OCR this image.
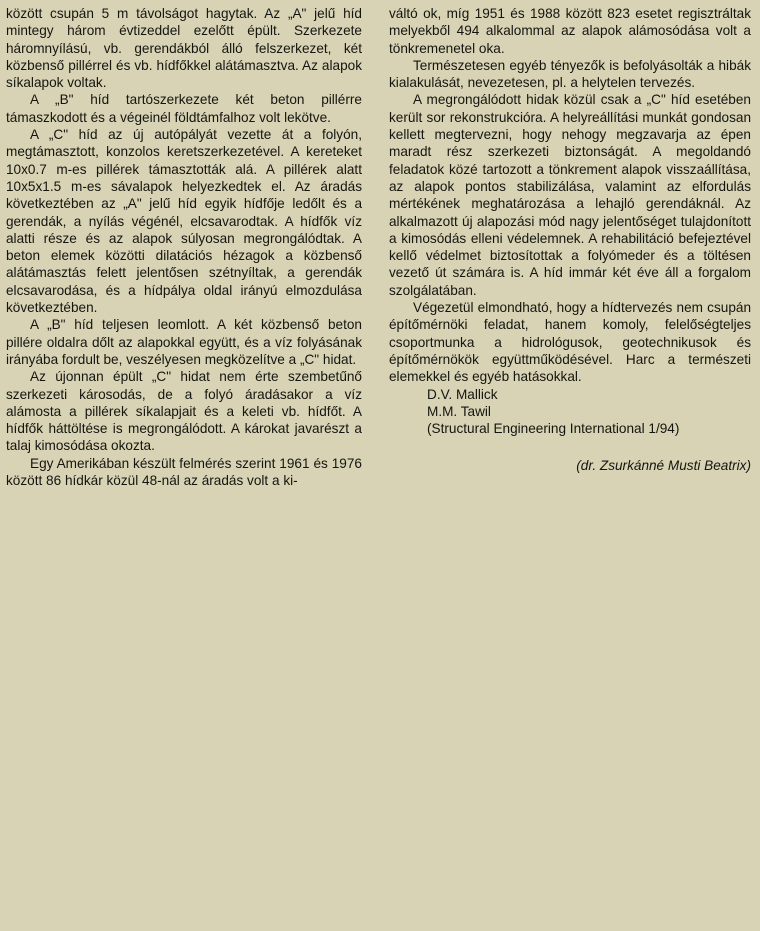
között csupán 5 m távolságot hagytak. Az „A" jelű híd mintegy három évtizeddel ezelőtt épült. Szerkezete háromnyílású, vb. gerendákból álló felszerkezet, két közbenső pillérrel és vb. hídfőkkel alátámasztva. Az alapok síkalapok voltak.

A „B" híd tartószerkezete két beton pillérre támaszkodott és a végeinél földtámfalhoz volt lekötve.

A „C" híd az új autópályát vezette át a folyón, megtámasztott, konzolos keretszerkezetével. A kereteket 10x0.7 m-es pillérek támasztották alá. A pillérek alatt 10x5x1.5 m-es sávalapok helyezkedtek el. Az áradás következtében az „A" jelű híd egyik hídfője ledőlt és a gerendák, a nyílás végénél, elcsavarodtak. A hídfők víz alatti része és az alapok súlyosan megrongálódtak. A beton elemek közötti dilatációs hézagok a közbenső alátámasztás felett jelentősen szétnyíltak, a gerendák elcsavarodása, és a hídpálya oldal irányú elmozdulása következtében.

A „B" híd teljesen leomlott. A két közbenső beton pillére oldalra dőlt az alapokkal együtt, és a víz folyásának irányába fordult be, veszélyesen megközelítve a „C" hidat.

Az újonnan épült „C" hidat nem érte szembetűnő szerkezeti károsodás, de a folyó áradásakor a víz alámosta a pillérek síkalapjait és a keleti vb. hídfőt. A hídfők háttöltése is megrongálódott. A károkat javarészt a talaj kimosódása okozta.

Egy Amerikában készült felmérés szerint 1961 és 1976 között 86 hídkár közül 48-nál az áradás volt a ki-

váltó ok, míg 1951 és 1988 között 823 esetet regisztráltak melyekből 494 alkalommal az alapok alámosódása volt a tönkremenetel oka.

Természetesen egyéb tényezők is befolyásolták a hibák kialakulását, nevezetesen, pl. a helytelen tervezés.

A megrongálódott hidak közül csak a „C" híd esetében került sor rekonstrukcióra. A helyreállítási munkát gondosan kellett megtervezni, hogy nehogy megzavarja az épen maradt rész szerkezeti biztonságát. A megoldandó feladatok közé tartozott a tönkrement alapok visszaállítása, az alapok pontos stabilizálása, valamint az elfordulás mértékének meghatározása a lehajló gerendáknál. Az alkalmazott új alapozási mód nagy jelentőséget tulajdonított a kimosódás elleni védelemnek. A rehabilitáció befejeztével kellő védelmet biztosítottak a folyómeder és a töltésen vezető út számára is. A híd immár két éve áll a forgalom szolgálatában.

Végezetül elmondható, hogy a hídtervezés nem csupán építőmérnöki feladat, hanem komoly, felelőségteljes csoportmunka a hidrológusok, geotechnikusok és építőmérnökök együttműködésével. Harc a természeti elemekkel és egyéb hatásokkal.

D.V. Mallick
M.M. Tawil
(Structural Engineering International 1/94)
(dr. Zsurkánné Musti Beatrix)
